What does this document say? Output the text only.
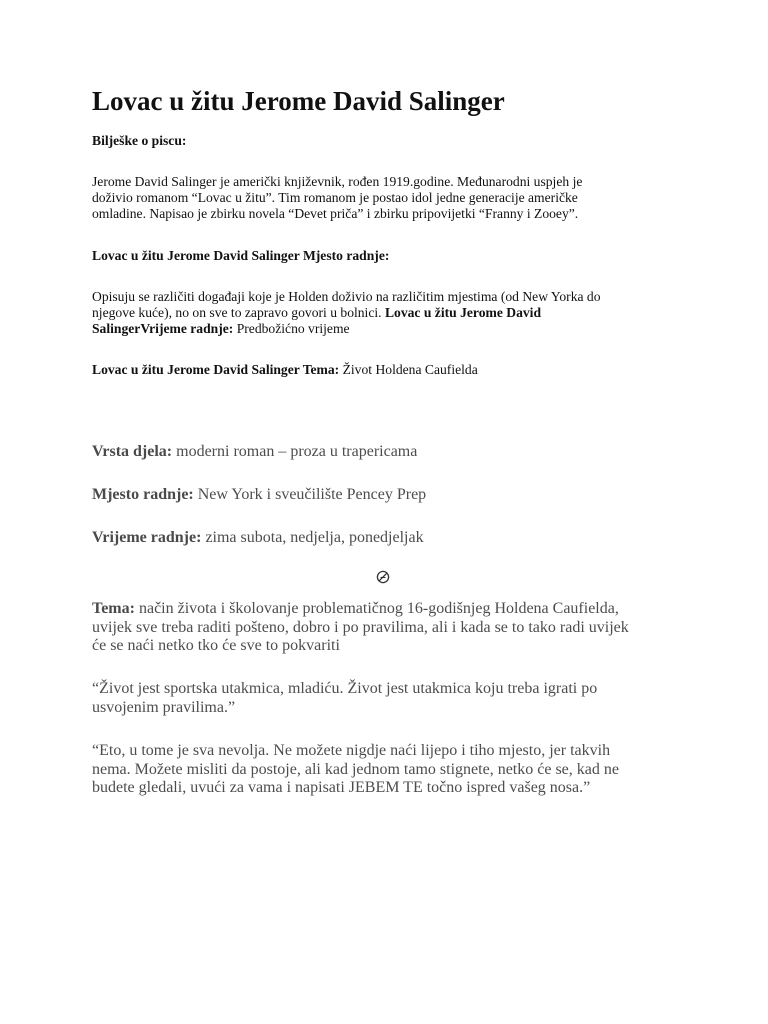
Lovac u žitu Jerome David Salinger

Bilješke o piscu:

Jerome David Salinger je američki književnik, rođen 1919.godine. Međunarodni uspjeh je
doživio romanom “Lovac u žitu”. Tim romanom je postao idol jedne generacije američke
omladine. Napisao je zbirku novela “Devet priča” i zbirku pripovijetki “Franny i Zooey”.

Lovac u žitu Jerome David Salinger Mjesto radnje:

Opisuju se različiti događaji koje je Holden doživio na različitim mjestima (od New Yorka do
njegove kuće), no on sve to zapravo govori u bolnici. Lovac u žitu Jerome David
SalingerVrijeme radnje: Predbožićno vrijeme

Lovac u žitu Jerome David Salinger Tema: Život Holdena Caufielda

Vrsta djela: moderni roman – proza u trapericama

Mjesto radnje: New York i sveučilište Pencey Prep

Vrijeme radnje: zima subota, nedjelja, ponedjeljak

Tema: način života i školovanje problematičnog 16-godišnjeg Holdena Caufielda,
uvijek sve treba raditi pošteno, dobro i po pravilima, ali i kada se to tako radi uvijek
će se naći netko tko će sve to pokvariti

“Život jest sportska utakmica, mladiću. Život jest utakmica koju treba igrati po
usvojenim pravilima.”

“Eto, u tome je sva nevolja. Ne možete nigdje naći lijepo i tiho mjesto, jer takvih
nema. Možete misliti da postoje, ali kad jednom tamo stignete, netko će se, kad ne
budete gledali, uvući za vama i napisati JEBEM TE točno ispred vašeg nosa.”
